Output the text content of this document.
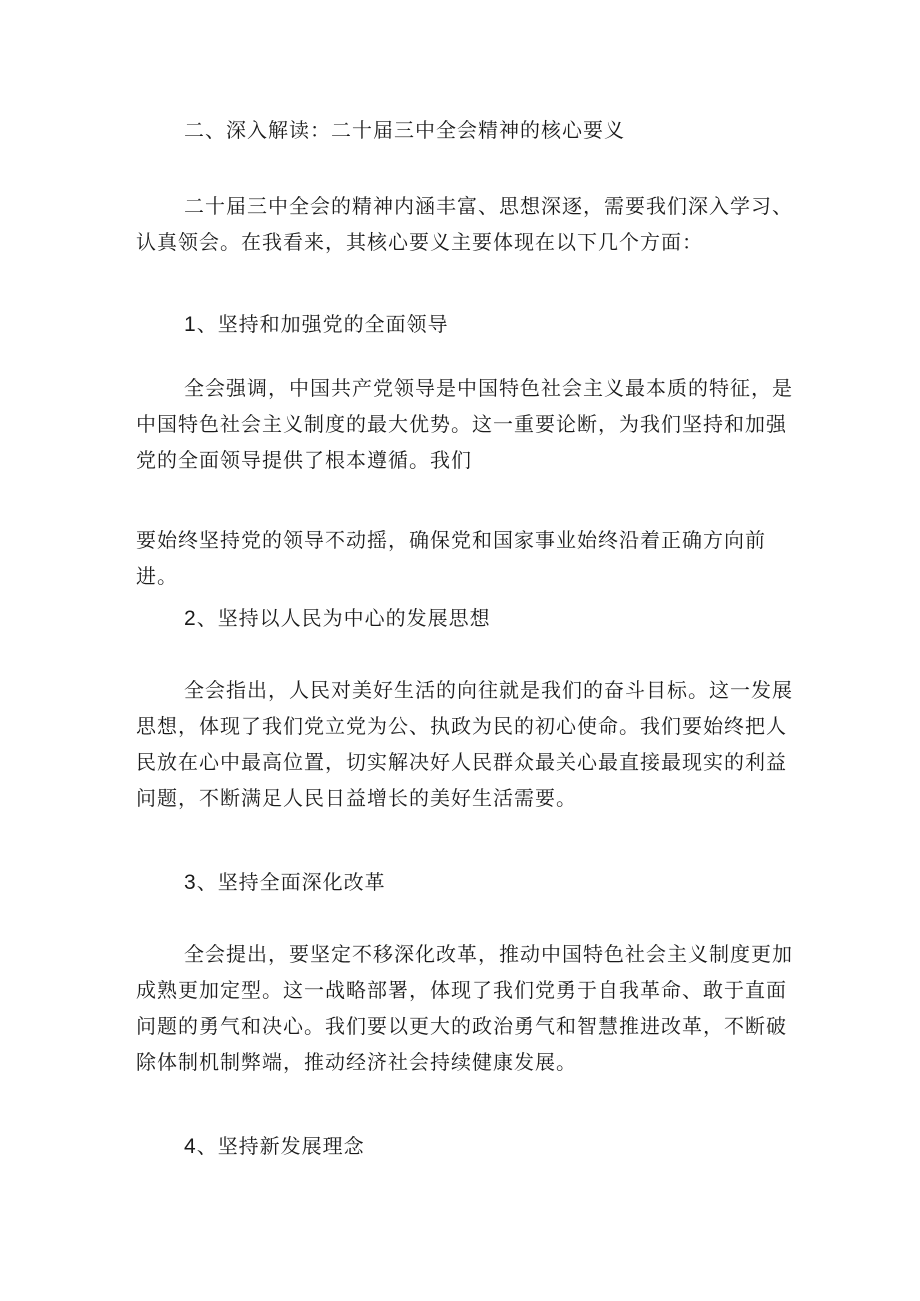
二、深入解读：二十届三中全会精神的核心要义

二十届三中全会的精神内涵丰富、思想深逐，需要我们深入学习、认真领会。在我看来，其核心要义主要体现在以下几个方面：

1、坚持和加强党的全面领导

全会强调，中国共产党领导是中国特色社会主义最本质的特征，是中国特色社会主义制度的最大优势。这一重要论断，为我们坚持和加强党的全面领导提供了根本遵循。我们

要始终坚持党的领导不动摇，确保党和国家事业始终沿着正确方向前进。

2、坚持以人民为中心的发展思想

全会指出，人民对美好生活的向往就是我们的奋斗目标。这一发展思想，体现了我们党立党为公、执政为民的初心使命。我们要始终把人民放在心中最高位置，切实解决好人民群众最关心最直接最现实的利益问题，不断满足人民日益增长的美好生活需要。

3、坚持全面深化改革

全会提出，要坚定不移深化改革，推动中国特色社会主义制度更加成熟更加定型。这一战略部署，体现了我们党勇于自我革命、敢于直面问题的勇气和决心。我们要以更大的政治勇气和智慧推进改革，不断破除体制机制弊端，推动经济社会持续健康发展。

4、坚持新发展理念
